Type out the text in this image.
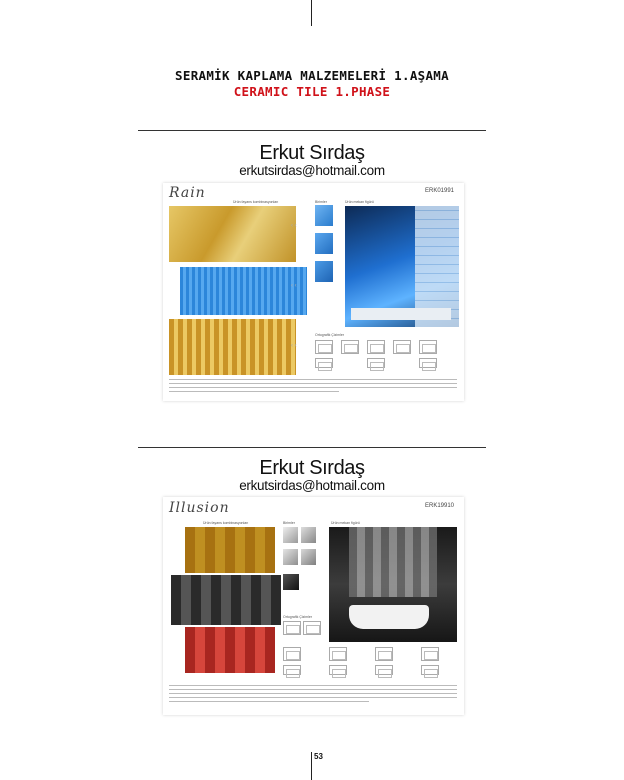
SERAMİK KAPLAMA MALZEMELERİ 1.AŞAMA
CERAMIC TILE 1.PHASE
Erkut Sırdaş
erkutsirdas@hotmail.com
Rain	ERK01991
Ürün fayans kombinasyonları	Birimler	Ürün mekan figürü
‹ ‹
‹ ‹
‹ ‹
Ortografik Çizimler
Erkut Sırdaş
erkutsirdas@hotmail.com
Illusion	ERK19910
Ürün fayans kombinasyonları	Birimler	Ürün mekan figürü
Ortografik Çizimler
53
